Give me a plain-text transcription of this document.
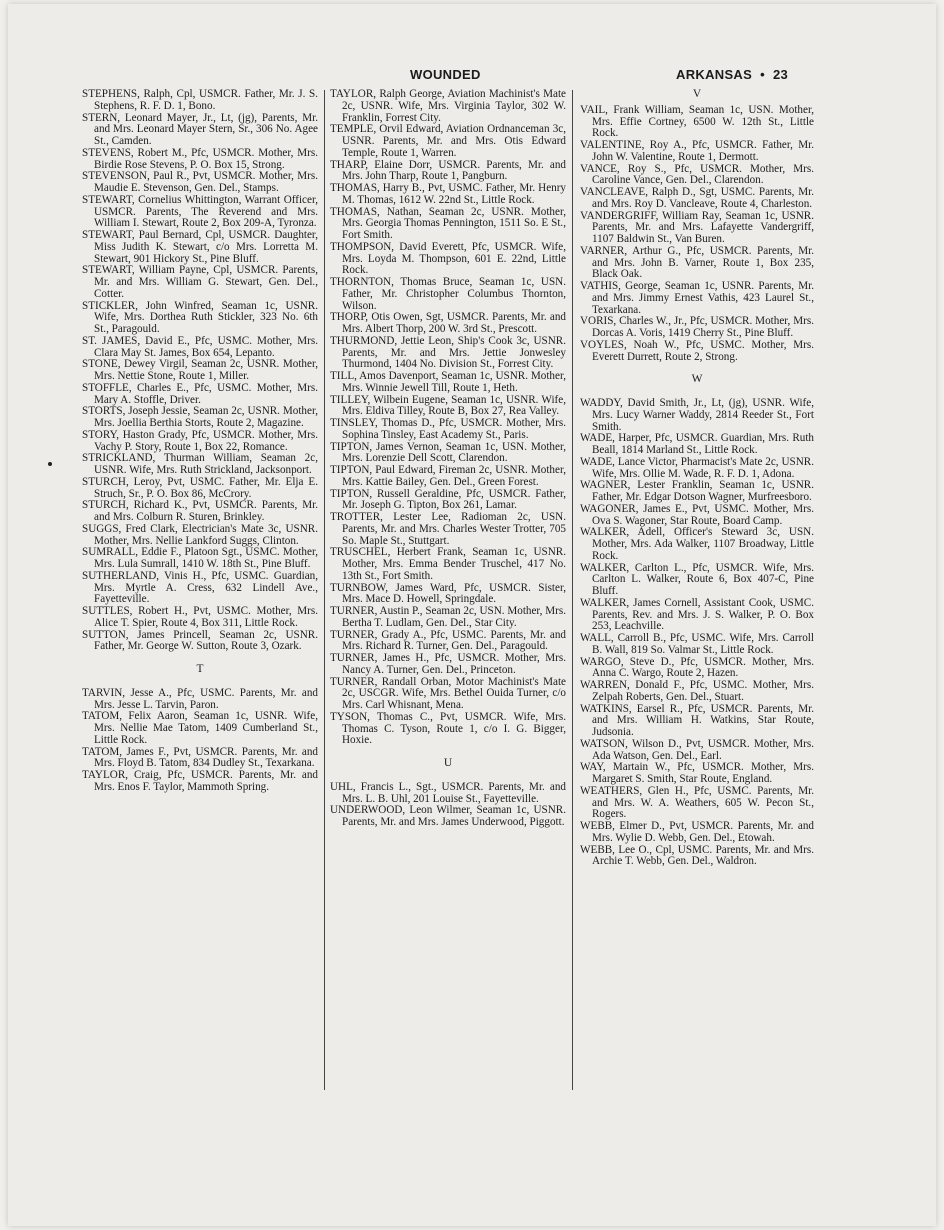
WOUNDED	ARKANSAS • 23

STEPHENS, Ralph, Cpl, USMCR. Father, Mr. J. S. Stephens, R. F. D. 1, Bono.

STERN, Leonard Mayer, Jr., Lt, (jg), Parents, Mr. and Mrs. Leonard Mayer Stern, Sr., 306 No. Agee St., Camden.

STEVENS, Robert M., Pfc, USMCR. Mother, Mrs. Birdie Rose Stevens, P. O. Box 15, Strong.

STEVENSON, Paul R., Pvt, USMCR. Mother, Mrs. Maudie E. Stevenson, Gen. Del., Stamps.

STEWART, Cornelius Whittington, Warrant Officer, USMCR. Parents, The Reverend and Mrs. William I. Stewart, Route 2, Box 209-A, Tyronza.

STEWART, Paul Bernard, Cpl, USMCR. Daughter, Miss Judith K. Stewart, c/o Mrs. Lorretta M. Stewart, 901 Hickory St., Pine Bluff.

STEWART, William Payne, Cpl, USMCR. Parents, Mr. and Mrs. William G. Stewart, Gen. Del., Cotter.

STICKLER, John Winfred, Seaman 1c, USNR. Wife, Mrs. Dorthea Ruth Stickler, 323 No. 6th St., Paragould.

ST. JAMES, David E., Pfc, USMC. Mother, Mrs. Clara May St. James, Box 654, Lepanto.

STONE, Dewey Virgil, Seaman 2c, USNR. Mother, Mrs. Nettie Stone, Route 1, Miller.

STOFFLE, Charles E., Pfc, USMC. Mother, Mrs. Mary A. Stoffle, Driver.

STORTS, Joseph Jessie, Seaman 2c, USNR. Mother, Mrs. Joellia Berthia Storts, Route 2, Magazine.

STORY, Haston Grady, Pfc, USMCR. Mother, Mrs. Vachy P. Story, Route 1, Box 22, Romance.

STRICKLAND, Thurman William, Seaman 2c, USNR. Wife, Mrs. Ruth Strickland, Jacksonport.

STURCH, Leroy, Pvt, USMC. Father, Mr. Elja E. Struch, Sr., P. O. Box 86, McCrory.

STURCH, Richard K., Pvt, USMCR. Parents, Mr. and Mrs. Colburn R. Sturen, Brinkley.

SUGGS, Fred Clark, Electrician's Mate 3c, USNR. Mother, Mrs. Nellie Lankford Suggs, Clinton.

SUMRALL, Eddie F., Platoon Sgt., USMC. Mother, Mrs. Lula Sumrall, 1410 W. 18th St., Pine Bluff.

SUTHERLAND, Vinis H., Pfc, USMC. Guardian, Mrs. Myrtle A. Cress, 632 Lindell Ave., Fayetteville.

SUTTLES, Robert H., Pvt, USMC. Mother, Mrs. Alice T. Spier, Route 4, Box 311, Little Rock.

SUTTON, James Princell, Seaman 2c, USNR. Father, Mr. George W. Sutton, Route 3, Ozark.

T

TARVIN, Jesse A., Pfc, USMC. Parents, Mr. and Mrs. Jesse L. Tarvin, Paron.

TATOM, Felix Aaron, Seaman 1c, USNR. Wife, Mrs. Nellie Mae Tatom, 1409 Cumberland St., Little Rock.

TATOM, James F., Pvt, USMCR. Parents, Mr. and Mrs. Floyd B. Tatom, 834 Dudley St., Texarkana.

TAYLOR, Craig, Pfc, USMCR. Parents, Mr. and Mrs. Enos F. Taylor, Mammoth Spring.

TAYLOR, Ralph George, Aviation Machinist's Mate 2c, USNR. Wife, Mrs. Virginia Taylor, 302 W. Franklin, Forrest City.

TEMPLE, Orvil Edward, Aviation Ordnanceman 3c, USNR. Parents, Mr. and Mrs. Otis Edward Temple, Route 1, Warren.

THARP, Elaine Dorr, USMCR. Parents, Mr. and Mrs. John Tharp, Route 1, Pangburn.

THOMAS, Harry B., Pvt, USMC. Father, Mr. Henry M. Thomas, 1612 W. 22nd St., Little Rock.

THOMAS, Nathan, Seaman 2c, USNR. Mother, Mrs. Georgia Thomas Pennington, 1511 So. E St., Fort Smith.

THOMPSON, David Everett, Pfc, USMCR. Wife, Mrs. Loyda M. Thompson, 601 E. 22nd, Little Rock.

THORNTON, Thomas Bruce, Seaman 1c, USN. Father, Mr. Christopher Columbus Thornton, Wilson.

THORP, Otis Owen, Sgt, USMCR. Parents, Mr. and Mrs. Albert Thorp, 200 W. 3rd St., Prescott.

THURMOND, Jettie Leon, Ship's Cook 3c, USNR. Parents, Mr. and Mrs. Jettie Jonwesley Thurmond, 1404 No. Division St., Forrest City.

TILL, Amos Davenport, Seaman 1c, USNR. Mother, Mrs. Winnie Jewell Till, Route 1, Heth.

TILLEY, Wilbein Eugene, Seaman 1c, USNR. Wife, Mrs. Eldiva Tilley, Route B, Box 27, Rea Valley.

TINSLEY, Thomas D., Pfc, USMCR. Mother, Mrs. Sophina Tinsley, East Academy St., Paris.

TIPTON, James Vernon, Seaman 1c, USN. Mother, Mrs. Lorenzie Dell Scott, Clarendon.

TIPTON, Paul Edward, Fireman 2c, USNR. Mother, Mrs. Kattie Bailey, Gen. Del., Green Forest.

TIPTON, Russell Geraldine, Pfc, USMCR. Father, Mr. Joseph G. Tipton, Box 261, Lamar.

TROTTER, Lester Lee, Radioman 2c, USN. Parents, Mr. and Mrs. Charles Wester Trotter, 705 So. Maple St., Stuttgart.

TRUSCHEL, Herbert Frank, Seaman 1c, USNR. Mother, Mrs. Emma Bender Truschel, 417 No. 13th St., Fort Smith.

TURNBOW, James Ward, Pfc, USMCR. Sister, Mrs. Mace D. Howell, Springdale.

TURNER, Austin P., Seaman 2c, USN. Mother, Mrs. Bertha T. Ludlam, Gen. Del., Star City.

TURNER, Grady A., Pfc, USMC. Parents, Mr. and Mrs. Richard R. Turner, Gen. Del., Paragould.

TURNER, James H., Pfc, USMCR. Mother, Mrs. Nancy A. Turner, Gen. Del., Princeton.

TURNER, Randall Orban, Motor Machinist's Mate 2c, USCGR. Wife, Mrs. Bethel Ouida Turner, c/o Mrs. Carl Whisnant, Mena.

TYSON, Thomas C., Pvt, USMCR. Wife, Mrs. Thomas C. Tyson, Route 1, c/o I. G. Bigger, Hoxie.

U

UHL, Francis L., Sgt., USMCR. Parents, Mr. and Mrs. L. B. Uhl, 201 Louise St., Fayetteville.

UNDERWOOD, Leon Wilmer, Seaman 1c, USNR. Parents, Mr. and Mrs. James Underwood, Piggott.

V

VAIL, Frank William, Seaman 1c, USN. Mother, Mrs. Effie Cortney, 6500 W. 12th St., Little Rock.

VALENTINE, Roy A., Pfc, USMCR. Father, Mr. John W. Valentine, Route 1, Dermott.

VANCE, Roy S., Pfc, USMCR. Mother, Mrs. Caroline Vance, Gen. Del., Clarendon.

VANCLEAVE, Ralph D., Sgt, USMC. Parents, Mr. and Mrs. Roy D. Vancleave, Route 4, Charleston.

VANDERGRIFF, William Ray, Seaman 1c, USNR. Parents, Mr. and Mrs. Lafayette Vandergriff, 1107 Baldwin St., Van Buren.

VARNER, Arthur G., Pfc, USMCR. Parents, Mr. and Mrs. John B. Varner, Route 1, Box 235, Black Oak.

VATHIS, George, Seaman 1c, USNR. Parents, Mr. and Mrs. Jimmy Ernest Vathis, 423 Laurel St., Texarkana.

VORIS, Charles W., Jr., Pfc, USMCR. Mother, Mrs. Dorcas A. Voris, 1419 Cherry St., Pine Bluff.

VOYLES, Noah W., Pfc, USMC. Mother, Mrs. Everett Durrett, Route 2, Strong.

W

WADDY, David Smith, Jr., Lt, (jg), USNR. Wife, Mrs. Lucy Warner Waddy, 2814 Reeder St., Fort Smith.

WADE, Harper, Pfc, USMCR. Guardian, Mrs. Ruth Beall, 1814 Marland St., Little Rock.

WADE, Lance Victor, Pharmacist's Mate 2c, USNR. Wife, Mrs. Ollie M. Wade, R. F. D. 1, Adona.

WAGNER, Lester Franklin, Seaman 1c, USNR. Father, Mr. Edgar Dotson Wagner, Murfreesboro.

WAGONER, James E., Pvt, USMC. Mother, Mrs. Ova S. Wagoner, Star Route, Board Camp.

WALKER, Adell, Officer's Steward 3c, USN. Mother, Mrs. Ada Walker, 1107 Broadway, Little Rock.

WALKER, Carlton L., Pfc, USMCR. Wife, Mrs. Carlton L. Walker, Route 6, Box 407-C, Pine Bluff.

WALKER, James Cornell, Assistant Cook, USMC. Parents, Rev. and Mrs. J. S. Walker, P. O. Box 253, Leachville.

WALL, Carroll B., Pfc, USMC. Wife, Mrs. Carroll B. Wall, 819 So. Valmar St., Little Rock.

WARGO, Steve D., Pfc, USMCR. Mother, Mrs. Anna C. Wargo, Route 2, Hazen.

WARREN, Donald F., Pfc, USMC. Mother, Mrs. Zelpah Roberts, Gen. Del., Stuart.

WATKINS, Earsel R., Pfc, USMCR. Parents, Mr. and Mrs. William H. Watkins, Star Route, Judsonia.

WATSON, Wilson D., Pvt, USMCR. Mother, Mrs. Ada Watson, Gen. Del., Earl.

WAY, Martain W., Pfc, USMCR. Mother, Mrs. Margaret S. Smith, Star Route, England.

WEATHERS, Glen H., Pfc, USMC. Parents, Mr. and Mrs. W. A. Weathers, 605 W. Pecon St., Rogers.

WEBB, Elmer D., Pvt, USMCR. Parents, Mr. and Mrs. Wylie D. Webb, Gen. Del., Etowah.

WEBB, Lee O., Cpl, USMC. Parents, Mr. and Mrs. Archie T. Webb, Gen. Del., Waldron.
